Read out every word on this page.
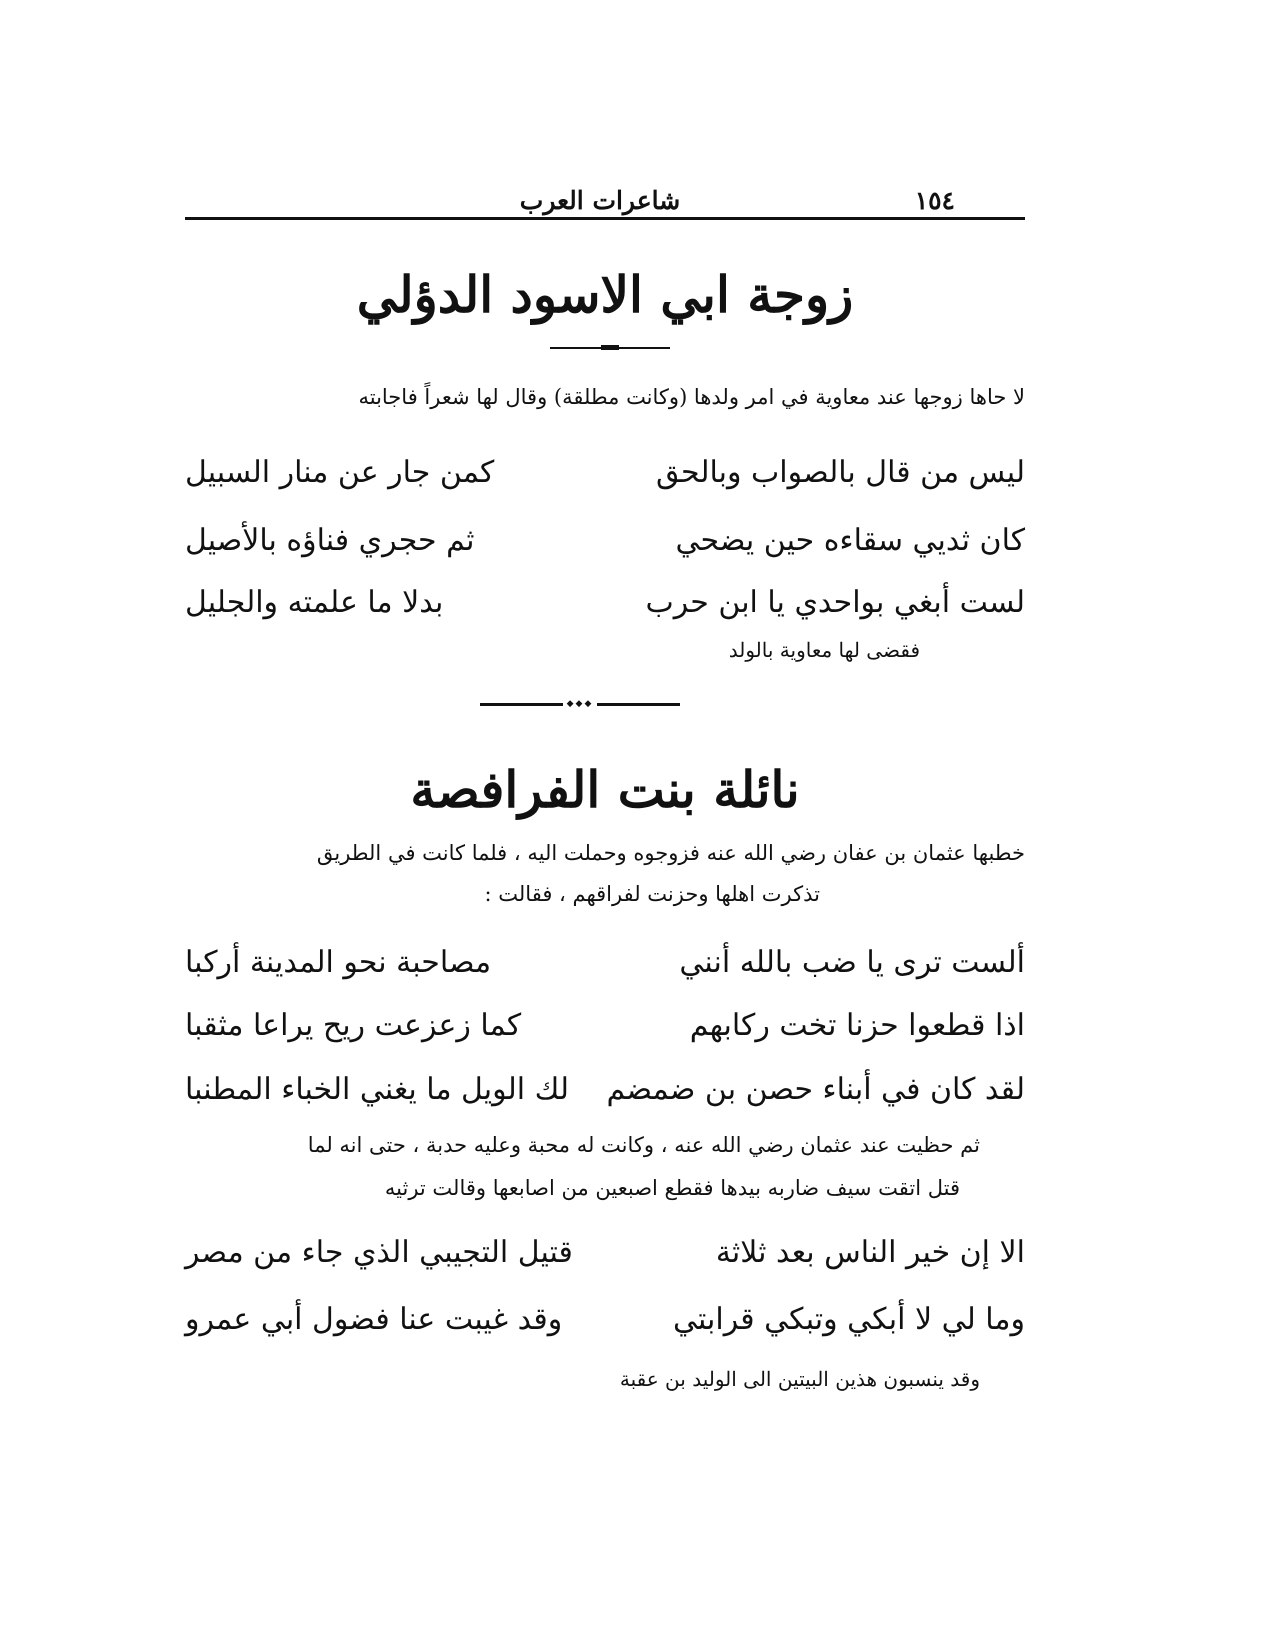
١٥٤
شاعرات العرب
زوجة ابي الاسود الدؤلي
لا حاها زوجها عند معاوية في امر ولدها (وكانت مطلقة) وقال لها شعراً فاجابته
ليس من قال بالصواب وبالحق
كمن جار عن منار السبيل
كان ثديي سقاءه حين يضحي
ثم حجري فناؤه بالأصيل
لست أبغي بواحدي يا ابن حرب
بدلا ما علمته والجليل
فقضى لها معاوية بالولد
◆◆◆
نائلة بنت الفرافصة
خطبها عثمان بن عفان رضي الله عنه فزوجوه وحملت اليه ، فلما كانت في الطريق
تذكرت اهلها وحزنت لفراقهم ، فقالت :
ألست ترى يا ضب بالله أنني
مصاحبة نحو المدينة أركبا
اذا قطعوا حزنا تخت ركابهم
كما زعزعت ريح يراعا مثقبا
لقد كان في أبناء حصن بن ضمضم
لك الويل ما يغني الخباء المطنبا
ثم حظيت عند عثمان رضي الله عنه ، وكانت له محبة وعليه حدبة ، حتى انه لما
قتل اتقت سيف ضاربه بيدها فقطع اصبعين من اصابعها وقالت ترثيه
الا إن خير الناس بعد ثلاثة
قتيل التجيبي الذي جاء من مصر
وما لي لا أبكي وتبكي قرابتي
وقد غيبت عنا فضول أبي عمرو
وقد ينسبون هذين البيتين الى الوليد بن عقبة
